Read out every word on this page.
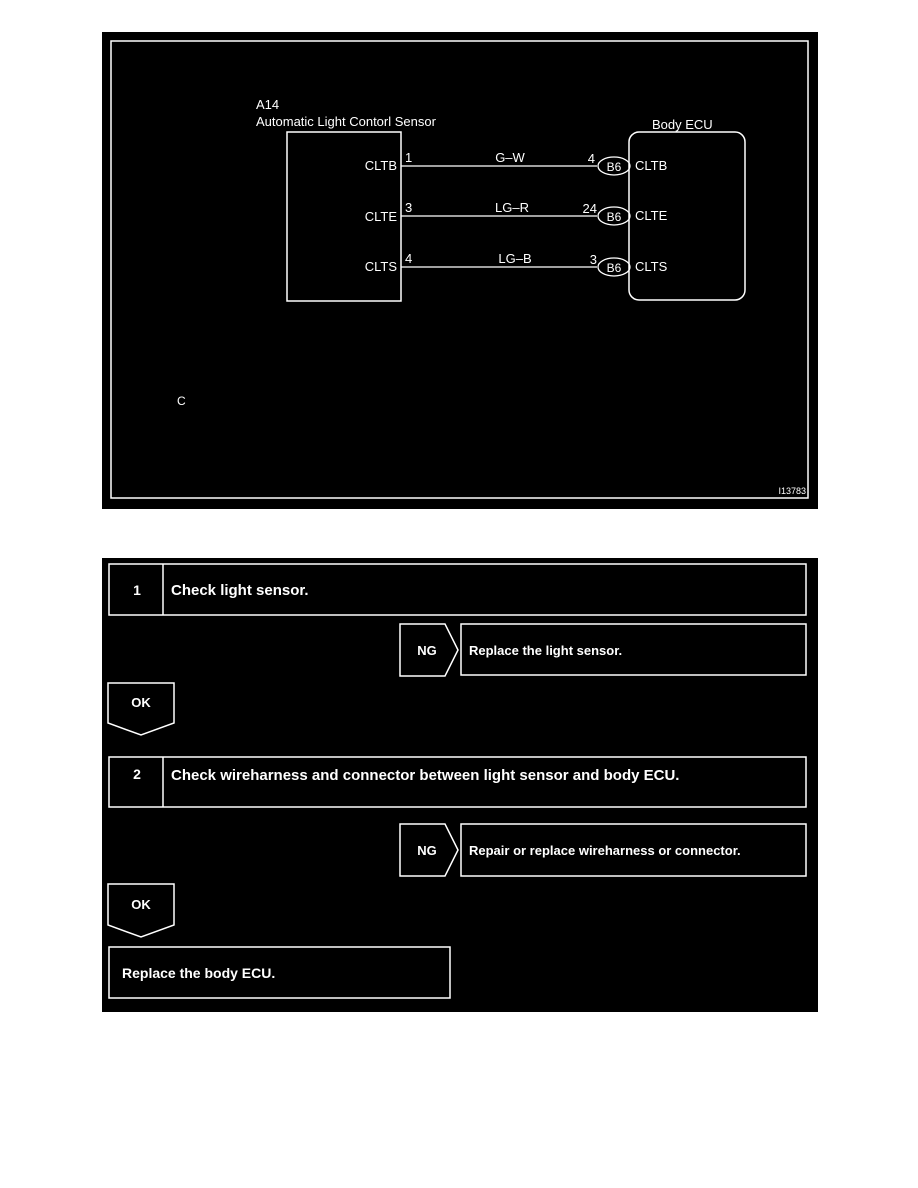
A14
Automatic Light Contorl Sensor	Body ECU
CLTB
1	G–W	4
B6 CLTB
CLTE
3	LG–R	24
B6 CLTE
CLTS
4	LG–B	3
B6 CLTS
C
I13783
1 Check light sensor.
NG Replace the light sensor.
OK
2 Check wireharness and connector between light sensor and body ECU.
NG Repair or replace wireharness or connector.
OK
Replace the body ECU.
